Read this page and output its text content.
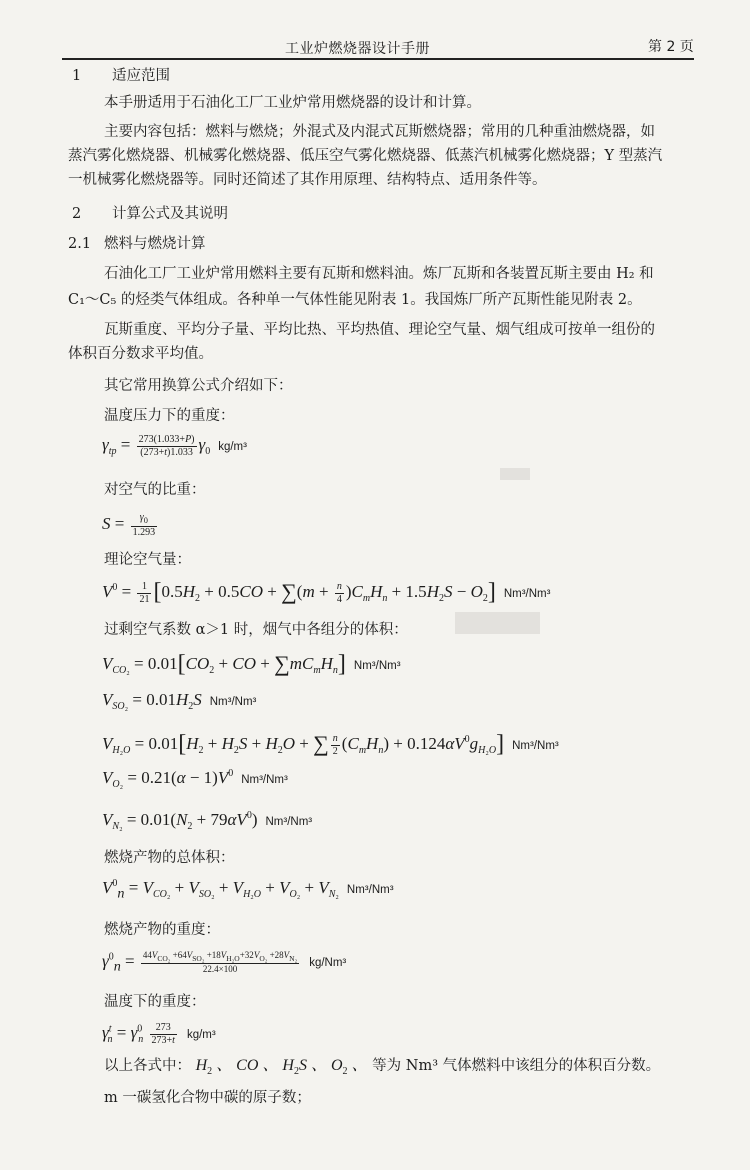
工业炉燃烧器设计手册	第 2 页
1 适应范围
本手册适用于石油化工厂工业炉常用燃烧器的设计和计算。
主要内容包括：燃料与燃烧；外混式及内混式瓦斯燃烧器；常用的几种重油燃烧器，如
蒸汽雾化燃烧器、机械雾化燃烧器、低压空气雾化燃烧器、低蒸汽机械雾化燃烧器；Y 型蒸汽
一机械雾化燃烧器等。同时还简述了其作用原理、结构特点、适用条件等。
2 计算公式及其说明
2.1 燃料与燃烧计算
石油化工厂工业炉常用燃料主要有瓦斯和燃料油。炼厂瓦斯和各装置瓦斯主要由 H₂ 和
C₁～C₅ 的烃类气体组成。各种单一气体性能见附表 1。我国炼厂所产瓦斯性能见附表 2。
瓦斯重度、平均分子量、平均比热、平均热值、理论空气量、烟气组成可按单一组份的
体积百分数求平均值。
其它常用换算公式介绍如下：
温度压力下的重度：
$\gamma_{tp} = \frac{273(1.033+P)}{(273+t)1.033} \gamma_0$ kg/m³
对空气的比重：
$S = \frac{\gamma_0}{1.293}$
理论空气量：
$V^0 = \frac{1}{21} [0.5H_2 + 0.5CO + \sum(m + \frac{n}{4} )C_mH_n + 1.5H_2S - O_2]$ Nm³/Nm³
过剩空气系数 α＞1 时，烟气中各组分的体积：
$V_{CO_2} = 0.01[CO_2$ + CO + $\sum mC_mH_n$] Nm³/Nm³
$V_{SO_2} = 0.01H_2S$ Nm³/Nm³
$V_{H_2O} = 0.01[H_2 + H_2S + H_2O$ + ∑ $\frac{n}{2} (C_mH_n) + 0.124\alpha V^0g_{H_2O}$] Nm³/Nm³
$V_{O_2} = 0.21(\alpha - 1)V^0Nm^3/Nm^3$
$V_{N_2} = 0.01(N_2 + 79\alpha V^0)$ Nm³/Nm³
燃烧产物的总体积：
$V^0_n = V_{CO_2} + V_{SO_2} + V_{H_2O} + V_{O_2} + V_{N_2}$ Nm³/Nm³
燃烧产物的重度：
$\gamma^0_n = \frac{44V_{CO_2} +64V_{SO_2} +18V_{H_2O}+32V_{O_2} +28V_{N_2}}{22.4\times 100} kg/Nm^3$
温度下的重度：
$\gamma^t_n = \gamma^0_n \frac{273}{273+t} kg/m^3$
以上各式中： $H_2$ 、 CO 、 $H_2S$ 、 $O_2$ 、 等为 Nm³ 气体燃料中该组分的体积百分数。
m 一碳氢化合物中碳的原子数；
